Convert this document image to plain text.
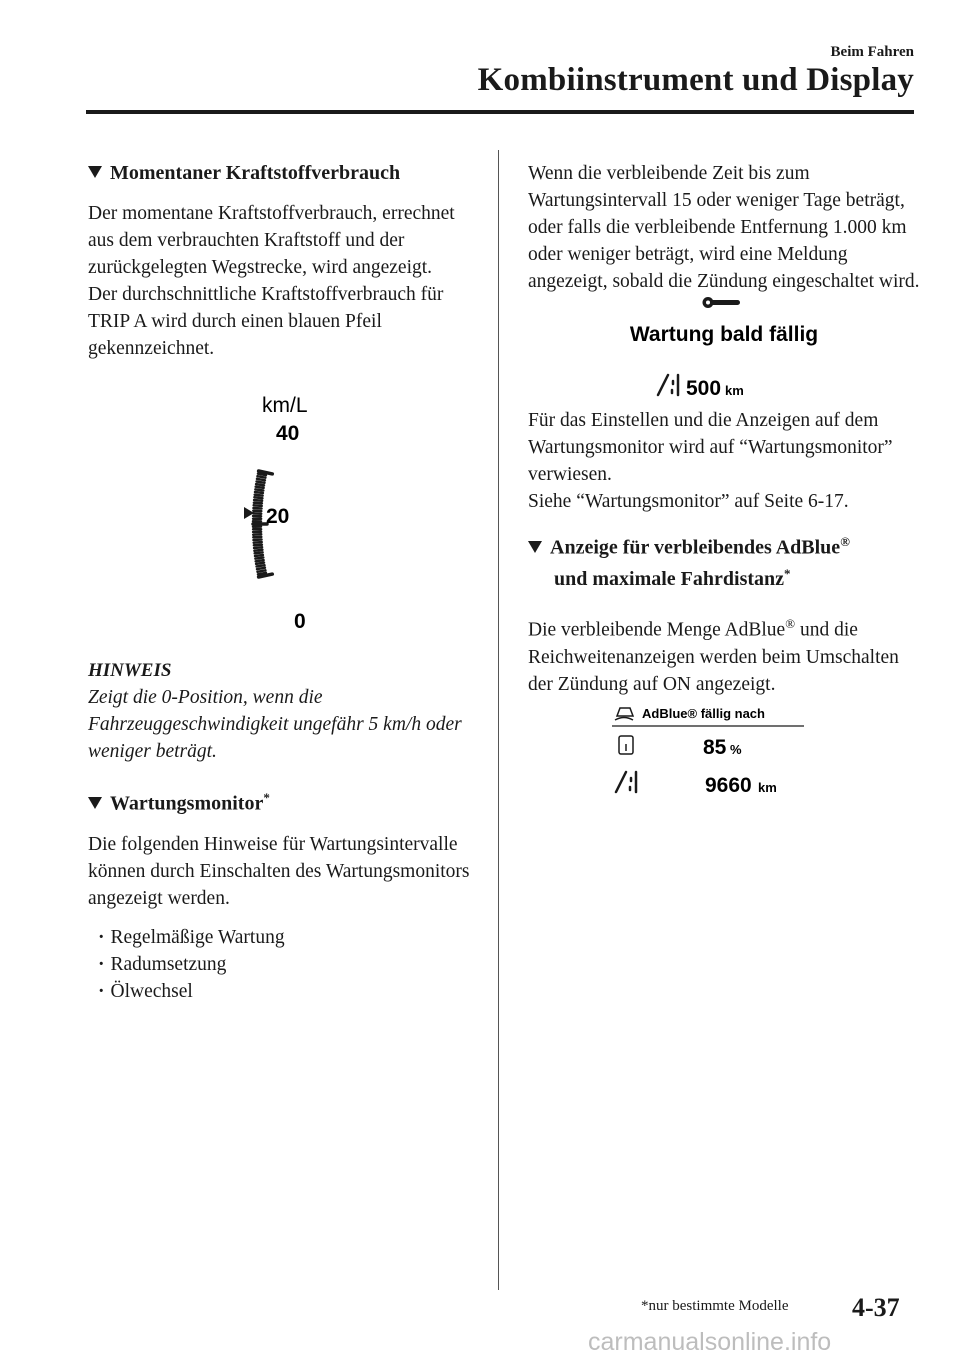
Beim Fahren
Kombiinstrument und Display
Momentaner Kraftstoffverbrauch

Der momentane Kraftstoffverbrauch, errechnet aus dem verbrauchten Kraftstoff und der zurückgelegten Wegstrecke, wird angezeigt.

Der durchschnittliche Kraftstoffverbrauch für TRIP A wird durch einen blauen Pfeil gekennzeichnet.

km/L
40
20
0
HINWEIS

Zeigt die 0-Position, wenn die Fahrzeuggeschwindigkeit ungefähr 5 km/h oder weniger beträgt.

Wartungsmonitor*

Die folgenden Hinweise für Wartungsintervalle können durch Einschalten des Wartungsmonitors angezeigt werden.

· Regelmäßige Wartung
· Radumsetzung
· Ölwechsel

Wenn die verbleibende Zeit bis zum Wartungsintervall 15 oder weniger Tage beträgt, oder falls die verbleibende Entfernung 1.000 km oder weniger beträgt, wird eine Meldung angezeigt, sobald die Zündung eingeschaltet wird.

Wartung bald fällig
500 km

Für das Einstellen und die Anzeigen auf dem Wartungsmonitor wird auf “Wartungsmonitor” verwiesen.

Siehe “Wartungsmonitor” auf Seite 6-17.

Anzeige für verbleibendes AdBlue®
und maximale Fahrdistanz*

Die verbleibende Menge AdBlue® und die Reichweitenanzeigen werden beim Umschalten der Zündung auf ON angezeigt.

AdBlue® fällig nach
85 %
9660 km
*nur bestimmte Modelle 4-37
carmanualsonline.info
